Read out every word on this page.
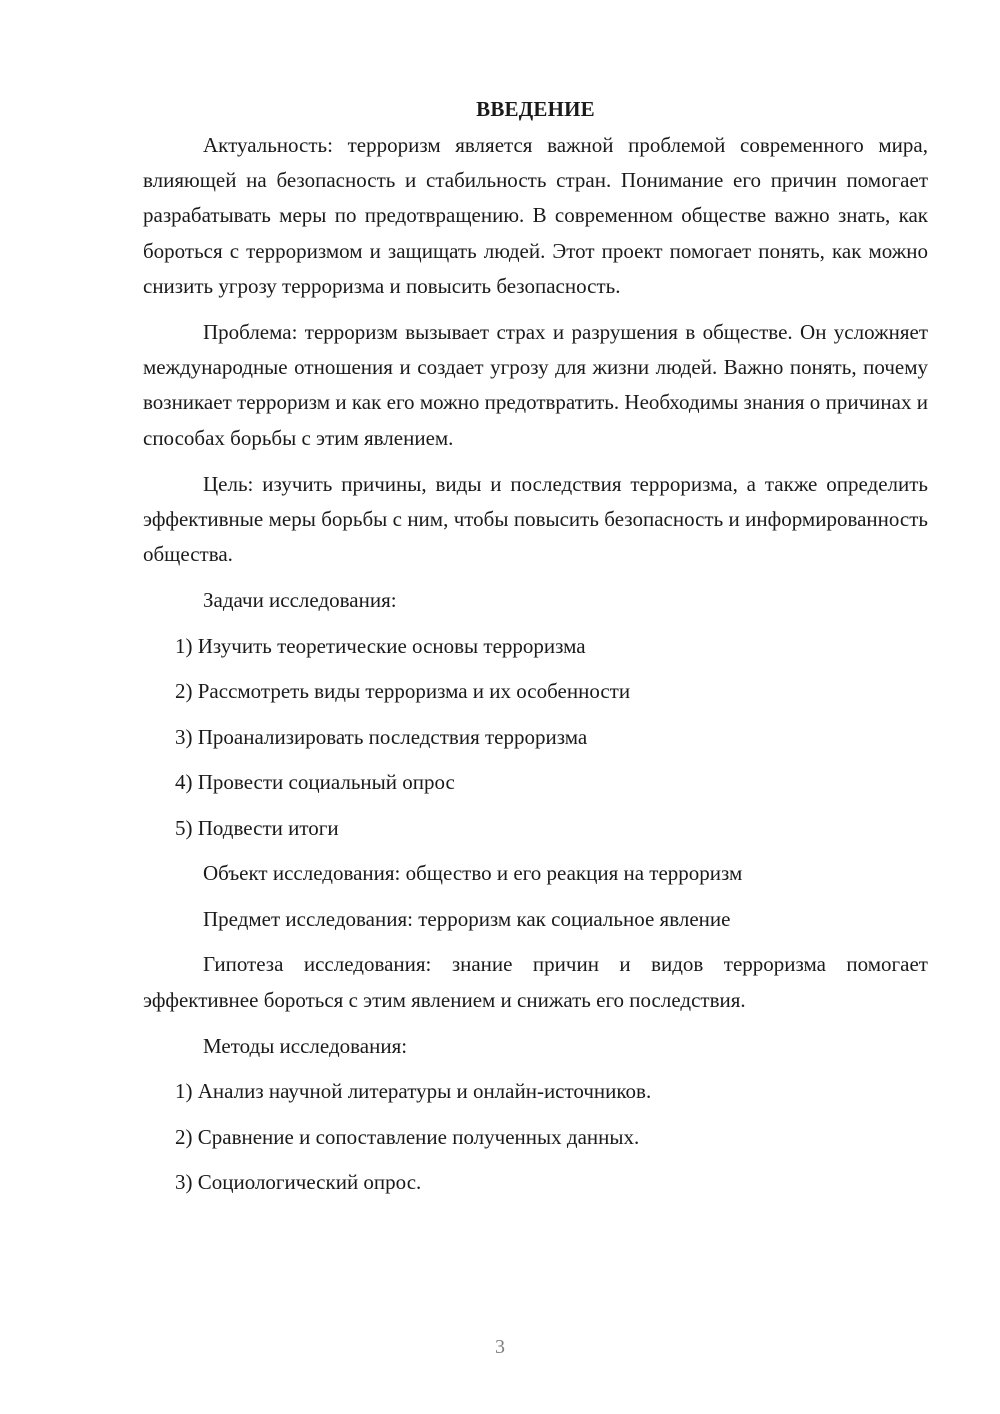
ВВЕДЕНИЕ

Актуальность: терроризм является важной проблемой современного мира, влияющей на безопасность и стабильность стран. Понимание его причин помогает разрабатывать меры по предотвращению. В современном обществе важно знать, как бороться с терроризмом и защищать людей. Этот проект помогает понять, как можно снизить угрозу терроризма и повысить безопасность.

Проблема: терроризм вызывает страх и разрушения в обществе. Он усложняет международные отношения и создает угрозу для жизни людей. Важно понять, почему возникает терроризм и как его можно предотвратить. Необходимы знания о причинах и способах борьбы с этим явлением.

Цель: изучить причины, виды и последствия терроризма, а также определить эффективные меры борьбы с ним, чтобы повысить безопасность и информированность общества.

Задачи исследования:
1) Изучить теоретические основы терроризма
2) Рассмотреть виды терроризма и их особенности
3) Проанализировать последствия терроризма
4) Провести социальный опрос
5) Подвести итоги
Объект исследования: общество и его реакция на терроризм
Предмет исследования: терроризм как социальное явление

Гипотеза исследования: знание причин и видов терроризма помогает эффективнее бороться с этим явлением и снижать его последствия.

Методы исследования:
1) Анализ научной литературы и онлайн-источников.
2) Сравнение и сопоставление полученных данных.
3) Социологический опрос.
3
